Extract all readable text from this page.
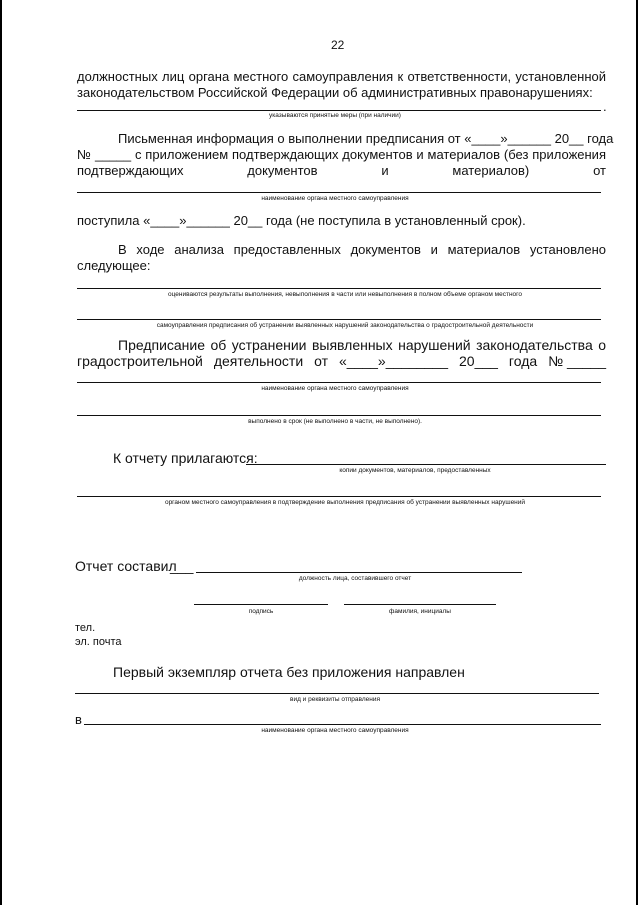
22
должностных лиц органа местного самоуправления к ответственности, установленной
законодательством Российской Федерации об административных правонарушениях:
.
указываются принятые меры (при наличии)
Письменная информация о выполнении предписания от «____»______ 20__ года
№ _____ с приложением подтверждающих документов и материалов (без приложения
подтверждающих	документов	и	материалов)	от
наименование органа местного самоуправления
поступила «____»______ 20__ года (не поступила в установленный срок).
В ходе анализа предоставленных документов и материалов установлено
следующее:
оцениваются результаты выполнения, невыполнения в части или невыполнения в полном объеме органом местного
самоуправления предписания об устранении выявленных нарушений законодательства о градостроительной деятельности
Предписание об устранении выявленных нарушений законодательства о
градостроительной деятельности от «____»________ 20___ года № _____
наименование органа местного самоуправления
выполнено в срок (не выполнено в части, не выполнено).
К отчету прилагаются:
копии документов, материалов, предоставленных
органом местного самоуправления в подтверждение выполнения предписания об устранении выявленных нарушений
Отчет составил
___
должность лица, составившего отчет
подпись	фамилия, инициалы
тел.
эл. почта
Первый экземпляр отчета без приложения направлен
вид и реквизиты отправления
в
наименование органа местного самоуправления
